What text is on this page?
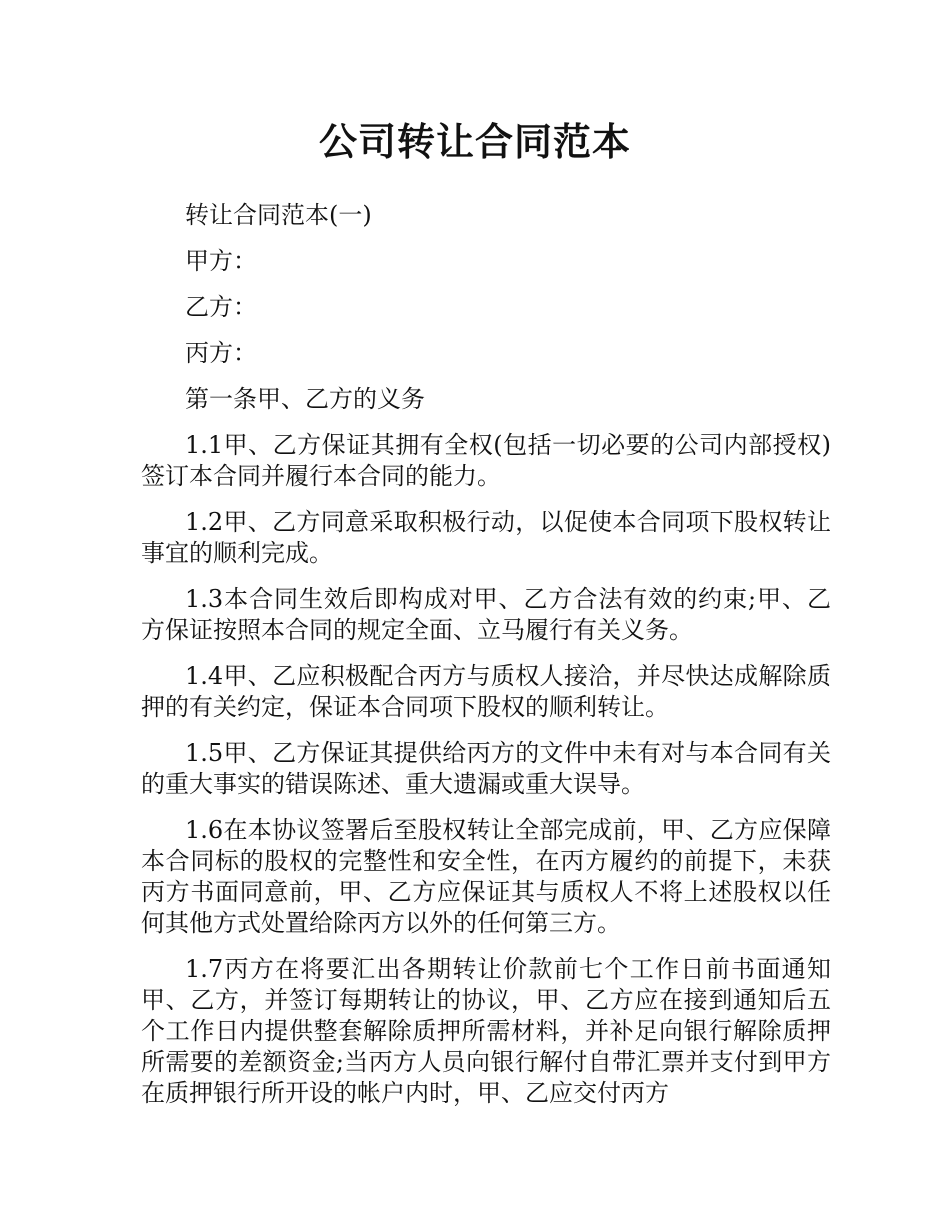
公司转让合同范本

转让合同范本(一)

甲方：

乙方：

丙方：

第一条甲、乙方的义务

1.1甲、乙方保证其拥有全权(包括一切必要的公司内部授权)签订本合同并履行本合同的能力。

1.2甲、乙方同意采取积极行动，以促使本合同项下股权转让事宜的顺利完成。

1.3本合同生效后即构成对甲、乙方合法有效的约束;甲、乙方保证按照本合同的规定全面、立马履行有关义务。

1.4甲、乙应积极配合丙方与质权人接洽，并尽快达成解除质押的有关约定，保证本合同项下股权的顺利转让。

1.5甲、乙方保证其提供给丙方的文件中未有对与本合同有关的重大事实的错误陈述、重大遗漏或重大误导。

1.6在本协议签署后至股权转让全部完成前，甲、乙方应保障本合同标的股权的完整性和安全性，在丙方履约的前提下，未获丙方书面同意前，甲、乙方应保证其与质权人不将上述股权以任何其他方式处置给除丙方以外的任何第三方。

1.7丙方在将要汇出各期转让价款前七个工作日前书面通知甲、乙方，并签订每期转让的协议，甲、乙方应在接到通知后五个工作日内提供整套解除质押所需材料，并补足向银行解除质押所需要的差额资金;当丙方人员向银行解付自带汇票并支付到甲方在质押银行所开设的帐户内时，甲、乙应交付丙方
